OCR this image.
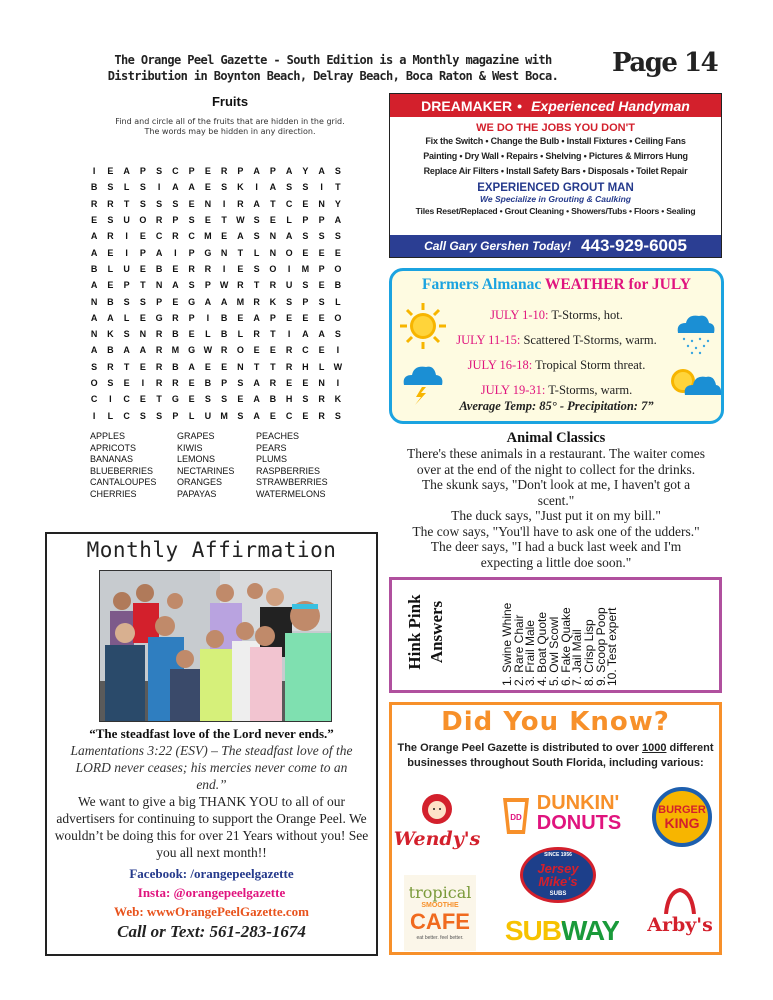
The Orange Peel Gazette - South Edition is a Monthly magazine with
Distribution in Boynton Beach, Delray Beach, Boca Raton & West Boca.	Page 14
Fruits
Find and circle all of the fruits that are hidden in the grid.
The words may be hidden in any direction.
I	E	A	P	S	C	P	E	R	P	A	P	A	Y	A	S
B	S	L	S	I	A	A	E	S	K	I	A	S	S	I	T
R	R	T	S	S	S	E	N	I	R	A	T	C	E	N	Y
E	S	U	O	R	P	S	E	T	W S	E	L	P	P	A
A	R	I	E	C	R	C	M	E	A	S	N	A	S	S	S
A	E	I	P	A	I	P	G	N	T	L	N	O	E	E	E
B	L	U	E	B	E	R	R	I	E	S	O	I	M	P	O
A	E	P	T	N	A	S	P	W R	T	R	U	S	E	B
N	B	S	S	P	E	G	A	A	M	R	K	S	P	S	L
A	A	L	E	G	R	P	I	B	E	A	P	E	E	E	O
N	K	S	N	R	B	E	L	B	L	R	T	I	A	A	S
A	B	A	A	R	M G W R	O	E	E	R	C	E	I
S	R	T	E	R	B	A	E	E	N	T	T	R	H	L	W
O	S	E	I	R	R	E	B	P	S	A	R	E	E	N	I
C	I	C	E	T	G	E	S	S	E	A	B	H	S	R	K
I	L	C	S	S	P	L	U	M	S	A	E	C	E	R	S
APPLES
APRICOTS
BANANAS
BLUEBERRIES
CANTALOUPES
CHERRIES
GRAPES
KIWIS
LEMONS
NECTARINES
ORANGES
PAPAYAS
PEACHES
PEARS
PLUMS
RASPBERRIES
STRAWBERRIES
WATERMELONS
DREAMAKER • Experienced Handyman
WE DO THE JOBS YOU DON'T
Fix the Switch • Change the Bulb • Install Fixtures • Ceiling Fans
Painting • Dry Wall • Repairs • Shelving • Pictures & Mirrors Hung
Replace Air Filters • Install Safety Bars • Disposals • Toilet Repair
EXPERIENCED GROUT MAN
We Specialize in Grouting & Caulking
Tiles Reset/Replaced • Grout Cleaning • Showers/Tubs • Floors • Sealing
Call Gary Gershen Today! 443-929-6005
Farmers Almanac WEATHER for JULY
JULY 1-10: T-Storms, hot.
JULY 11-15: Scattered T-Storms, warm.
JULY 16-18: Tropical Storm threat.
JULY 19-31: T-Storms, warm.
Average Temp: 85° - Precipitation: 7”
Animal Classics
There's these animals in a restaurant. The waiter comes
over at the end of the night to collect for the drinks.
The skunk says, "Don't look at me, I haven't got a
scent."
The duck says, "Just put it on my bill."
The cow says, "You'll have to ask one of the udders."
The deer says, "I had a buck last week and I'm
expecting a little doe soon."
Hink Pink Answers	1. Swine Whine
2. Rare Chair
3. Frail Male
4. Boat Quote
5. Owl Scowl
6. Fake Quake
7. Jail Mail
8. Crisp Lisp
9. Scoop Poop
10. Test expert
Did You Know?
The Orange Peel Gazette is distributed to over 1000 different businesses throughout South Florida, including various:
Wendy's
DD
DUNKIN'
DONUTS
BURGER
KING
SINCE 1956
Jersey
Mike's
SUBS
tropical
SMOOTHIE
CAFE
eat better. feel better. SUBWAY Arby's
Monthly Affirmation
“The steadfast love of the Lord never ends.”
Lamentations 3:22 (ESV) – The steadfast love of the LORD never ceases; his mercies never come to an end.”
We want to give a big THANK YOU to all of our advertisers for continuing to support the Orange Peel. We wouldn’t be doing this for over 21 Years without you! See you all next month!!
Facebook: /orangepeelgazette
Insta: @orangepeelgazette
Web: wwwOrangePeelGazette.com
Call or Text: 561-283-1674
